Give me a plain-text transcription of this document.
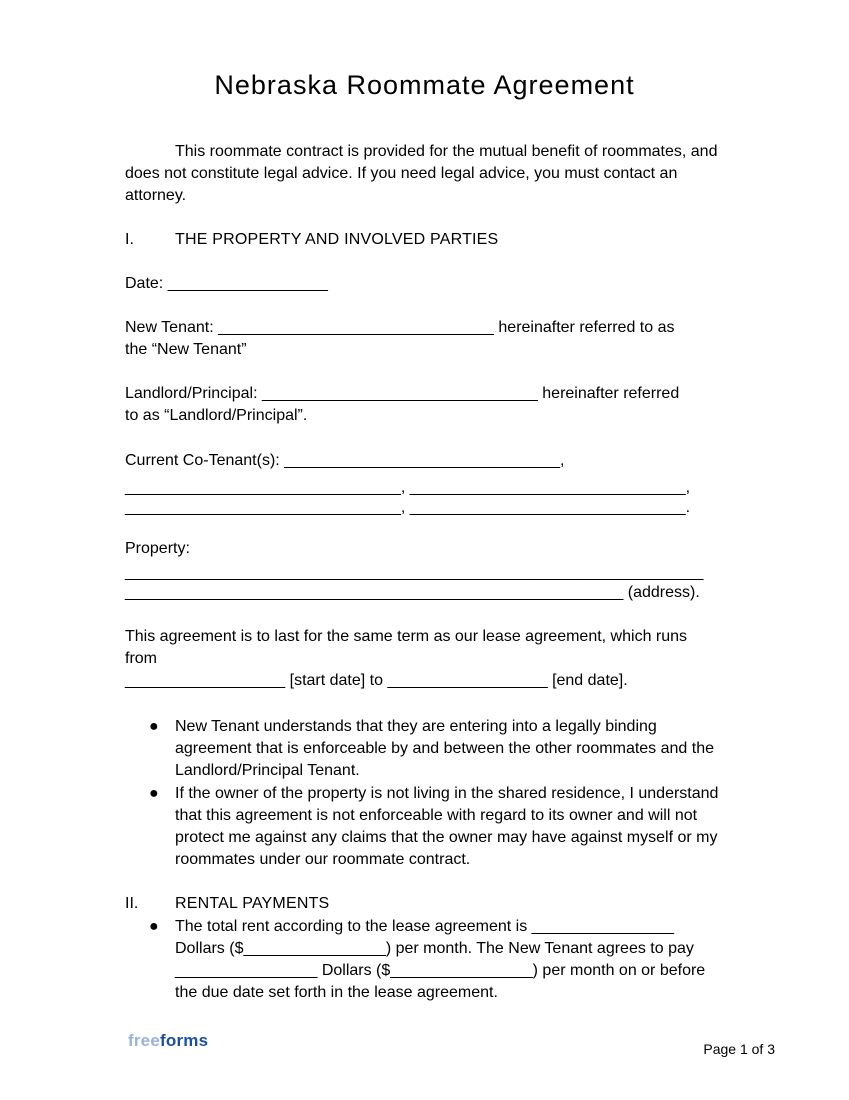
Nebraska Roommate Agreement
This roommate contract is provided for the mutual benefit of roommates, and does not constitute legal advice. If you need legal advice, you must contact an attorney.
I.	THE PROPERTY AND INVOLVED PARTIES
Date: __________________
New Tenant: _______________________________ hereinafter referred to as
the “New Tenant”
Landlord/Principal: _______________________________ hereinafter referred
to as “Landlord/Principal”.
Current Co-Tenant(s): _______________________________,
_______________________________, _______________________________,
_______________________________, _______________________________.
Property:
_________________________________________________________________
________________________________________________________ (address).
This agreement is to last for the same term as our lease agreement, which runs
from
__________________ [start date] to __________________ [end date].
● New Tenant understands that they are entering into a legally binding agreement that is enforceable by and between the other roommates and the Landlord/Principal Tenant.
● If the owner of the property is not living in the shared residence, I understand that this agreement is not enforceable with regard to its owner and will not protect me against any claims that the owner may have against myself or my roommates under our roommate contract.
II. RENTAL PAYMENTS
● The total rent according to the lease agreement is ________________ Dollars ($________________) per month. The New Tenant agrees to pay ________________ Dollars ($________________) per month on or before the due date set forth in the lease agreement.
freeforms	Page 1 of 3
